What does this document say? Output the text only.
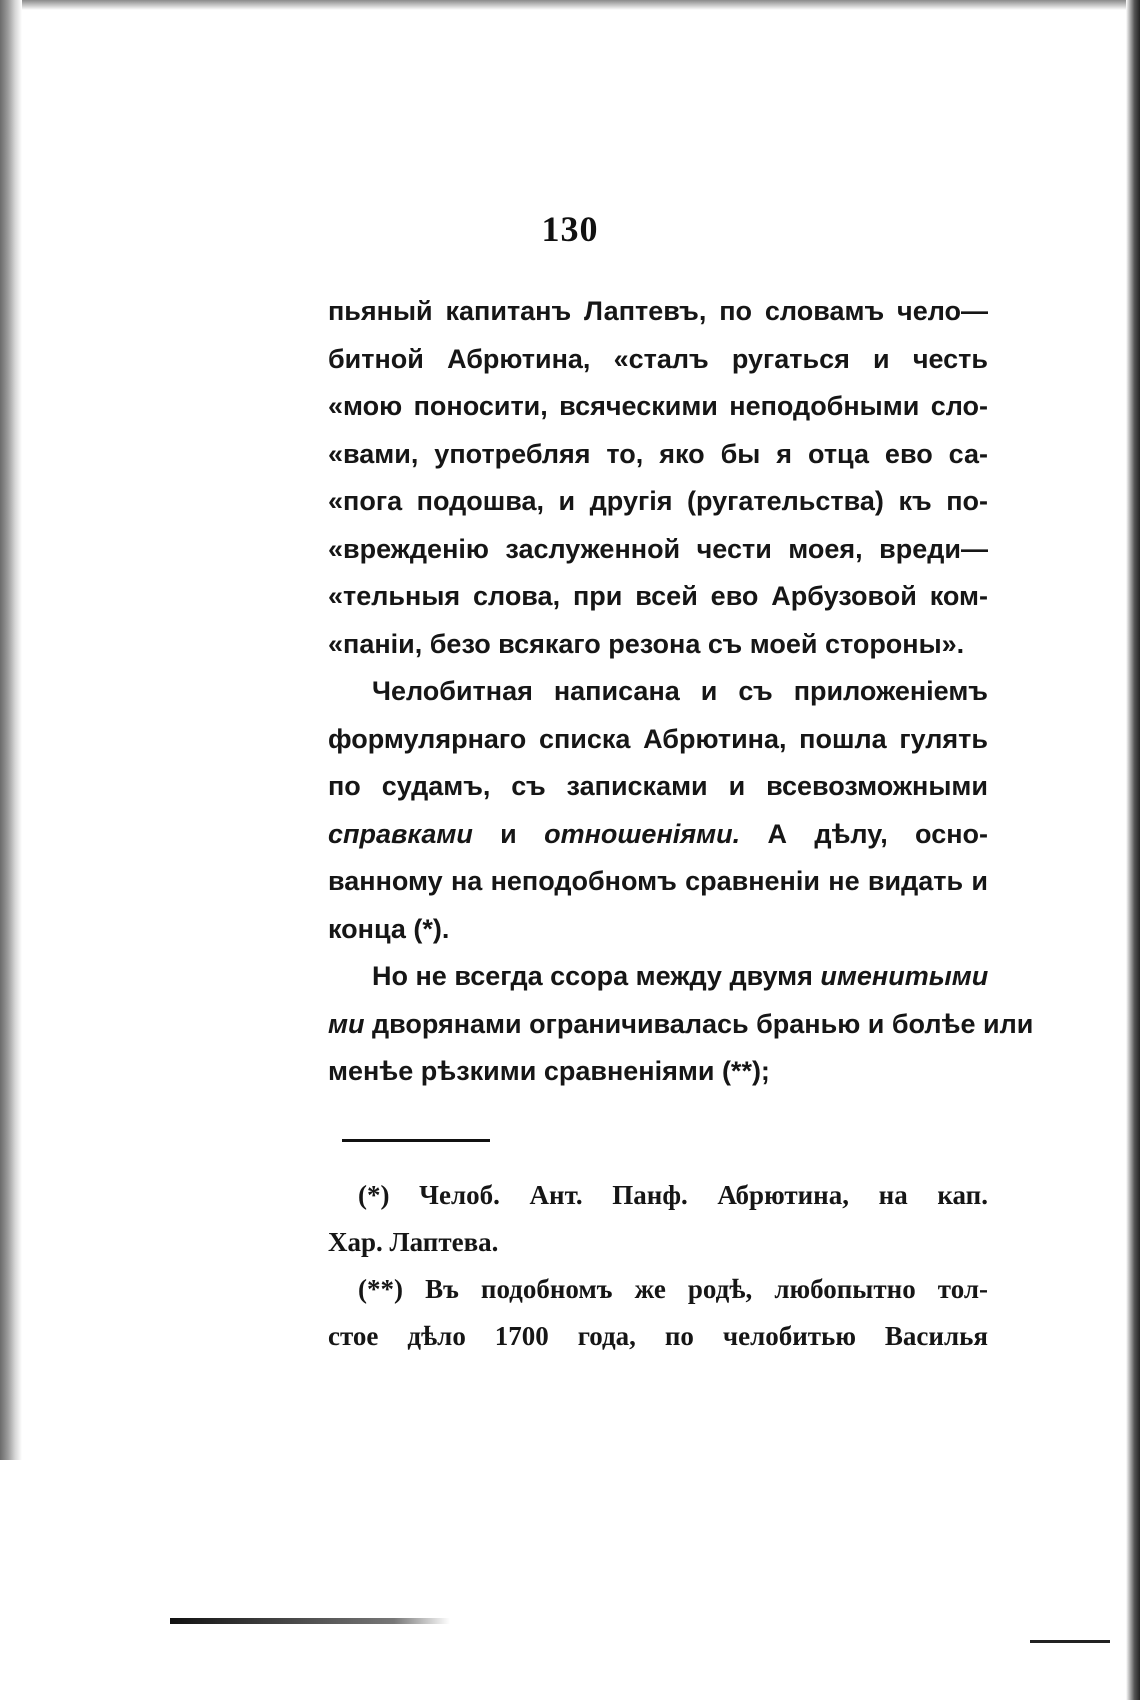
130
пьяный капитанъ Лаптевъ, по словамъ чело—
битной Абрютина, «сталъ ругаться и честь
«мою поносити, всяческими неподобными сло-
«вами, употребляя то, яко бы я отца ево са-
«пога подошва, и другія (ругательства) къ по-
«врежденію заслуженной чести моея, вреди—
«тельныя слова, при всей ево Арбузовой ком-
«паніи, безо всякаго резона съ моей стороны».
Челобитная написана и съ приложеніемъ
формулярнаго списка Абрютина, пошла гулять
по судамъ, съ записками и всевозможными
справками и отношеніями. А дѣлу, осно-
ванному на неподобномъ сравненіи не видать и
конца (*).
Но не всегда ссора между двумя именитыми
ми дворянами ограничивалась бранью и болѣе или
менѣе рѣзкими сравненіями (**);
(*) Челоб. Ант. Панф. Абрютина, на кап.
Хар. Лаптева.
(**) Въ подобномъ же родѣ, любопытно тол-
стое дѣло 1700 года, по челобитью Василья
